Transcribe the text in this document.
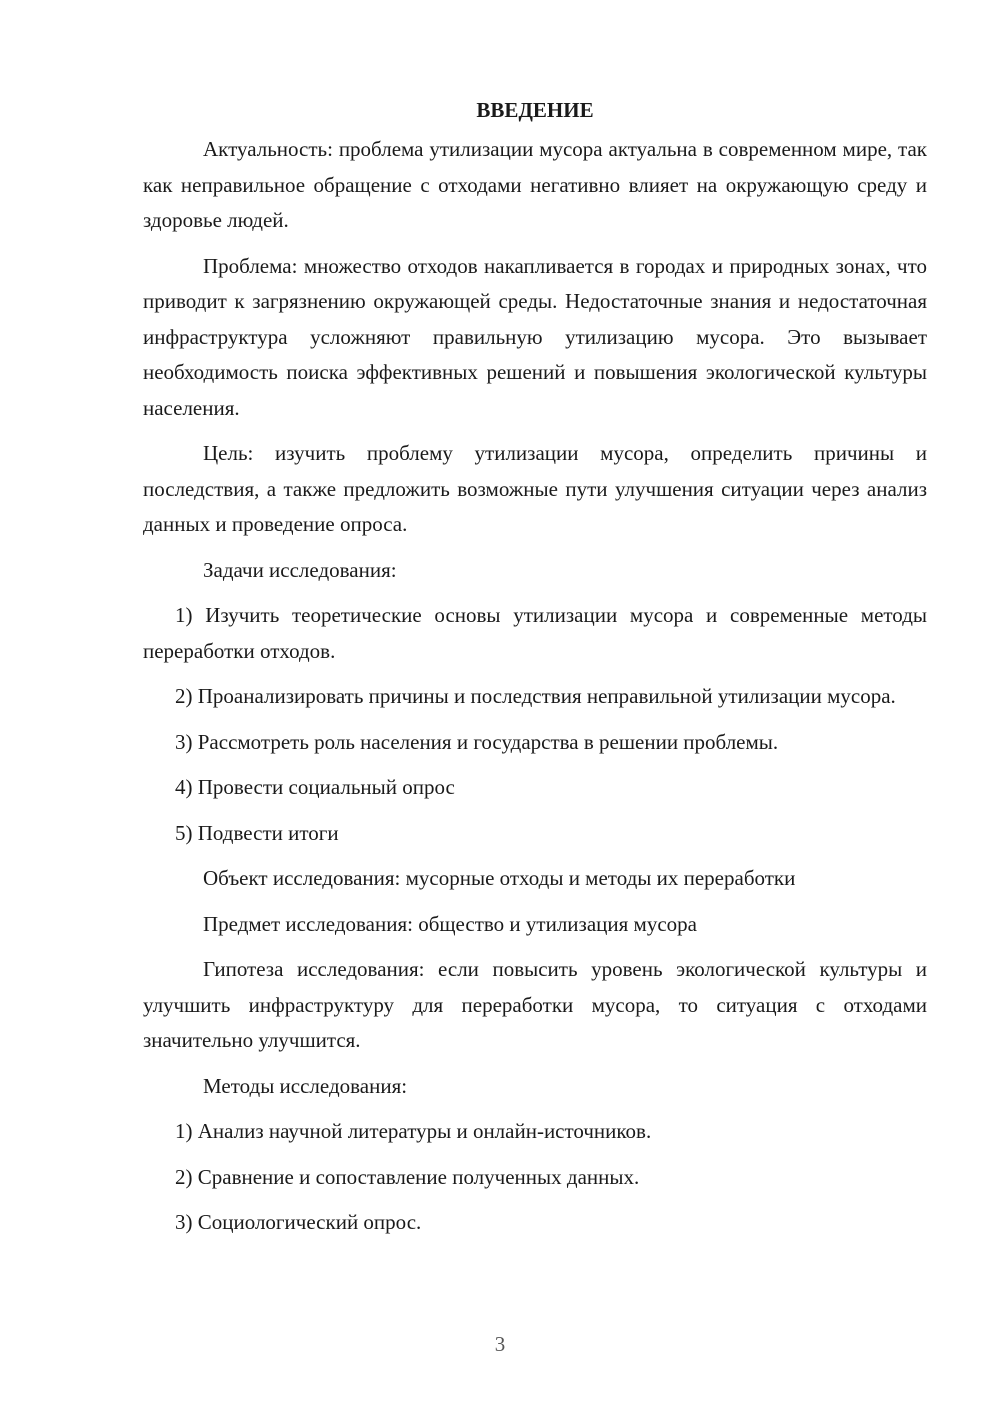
ВВЕДЕНИЕ

Актуальность: проблема утилизации мусора актуальна в современном мире, так как неправильное обращение с отходами негативно влияет на окружающую среду и здоровье людей.

Проблема: множество отходов накапливается в городах и природных зонах, что приводит к загрязнению окружающей среды. Недостаточные знания и недостаточная инфраструктура усложняют правильную утилизацию мусора. Это вызывает необходимость поиска эффективных решений и повышения экологической культуры населения.

Цель: изучить проблему утилизации мусора, определить причины и последствия, а также предложить возможные пути улучшения ситуации через анализ данных и проведение опроса.

Задачи исследования:

1) Изучить теоретические основы утилизации мусора и современные методы переработки отходов.

2) Проанализировать причины и последствия неправильной утилизации мусора.

3) Рассмотреть роль населения и государства в решении проблемы.

4) Провести социальный опрос

5) Подвести итоги

Объект исследования: мусорные отходы и методы их переработки

Предмет исследования: общество и утилизация мусора

Гипотеза исследования: если повысить уровень экологической культуры и улучшить инфраструктуру для переработки мусора, то ситуация с отходами значительно улучшится.

Методы исследования:

1) Анализ научной литературы и онлайн-источников.

2) Сравнение и сопоставление полученных данных.

3) Социологический опрос.

3
